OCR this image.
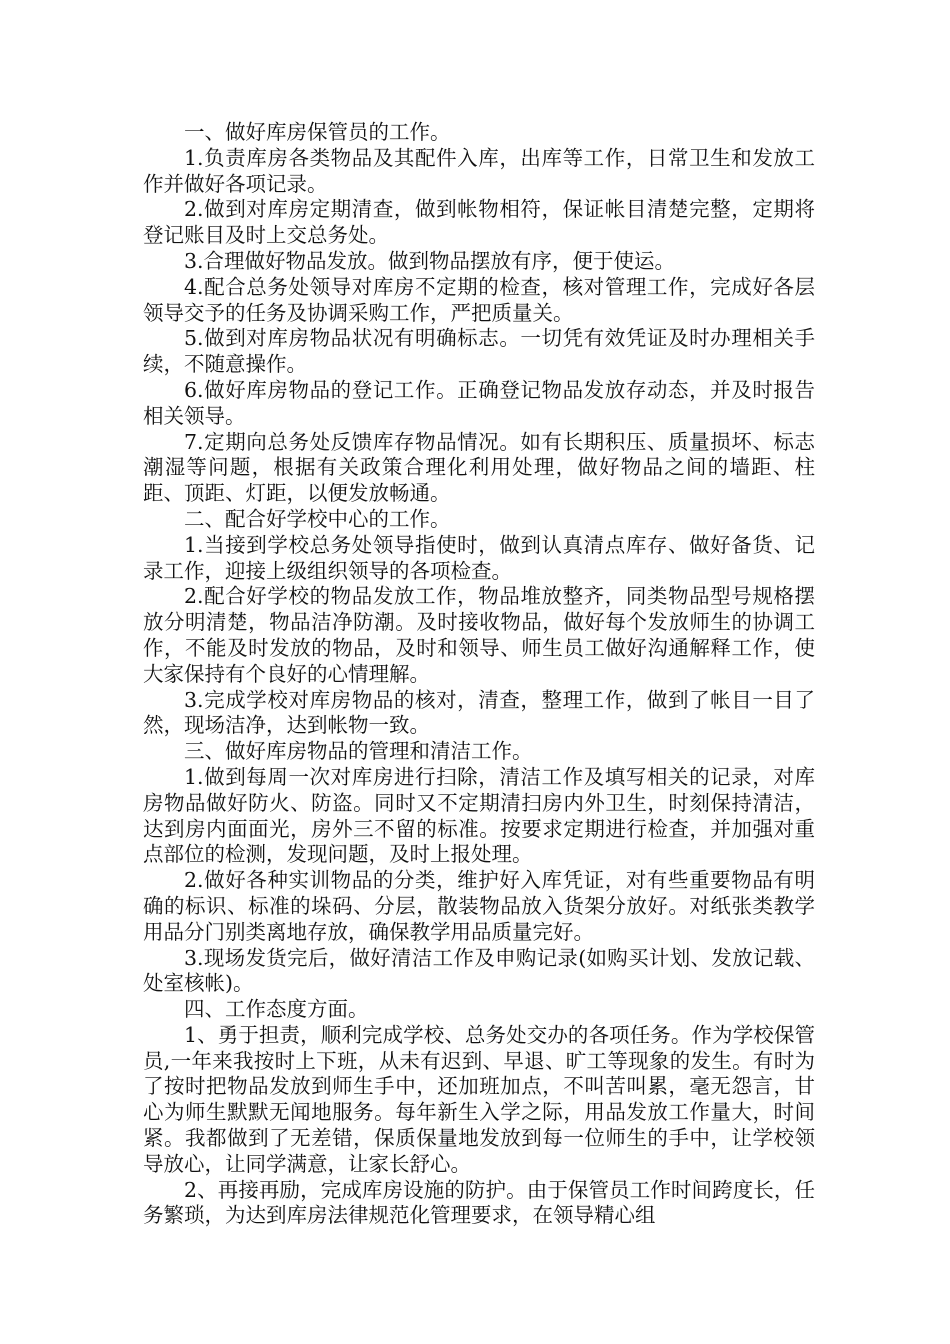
一、做好库房保管员的工作。

1.负责库房各类物品及其配件入库，出库等工作，日常卫生和发放工作并做好各项记录。

2.做到对库房定期清查，做到帐物相符，保证帐目清楚完整，定期将登记账目及时上交总务处。

3.合理做好物品发放。做到物品摆放有序，便于使运。

4.配合总务处领导对库房不定期的检查，核对管理工作，完成好各层领导交予的任务及协调采购工作，严把质量关。

5.做到对库房物品状况有明确标志。一切凭有效凭证及时办理相关手续，不随意操作。

6.做好库房物品的登记工作。正确登记物品发放存动态，并及时报告相关领导。

7.定期向总务处反馈库存物品情况。如有长期积压、质量损坏、标志潮湿等问题，根据有关政策合理化利用处理，做好物品之间的墙距、柱距、顶距、灯距，以便发放畅通。

二、配合好学校中心的工作。

1.当接到学校总务处领导指使时，做到认真清点库存、做好备货、记录工作，迎接上级组织领导的各项检查。

2.配合好学校的物品发放工作，物品堆放整齐，同类物品型号规格摆放分明清楚，物品洁净防潮。及时接收物品，做好每个发放师生的协调工作，不能及时发放的物品，及时和领导、师生员工做好沟通解释工作，使大家保持有个良好的心情理解。

3.完成学校对库房物品的核对，清查，整理工作，做到了帐目一目了然，现场洁净，达到帐物一致。

三、做好库房物品的管理和清洁工作。

1.做到每周一次对库房进行扫除，清洁工作及填写相关的记录，对库房物品做好防火、防盗。同时又不定期清扫房内外卫生，时刻保持清洁，达到房内面面光，房外三不留的标准。按要求定期进行检查，并加强对重点部位的检测，发现问题，及时上报处理。

2.做好各种实训物品的分类，维护好入库凭证，对有些重要物品有明确的标识、标准的垛码、分层，散装物品放入货架分放好。对纸张类教学用品分门别类离地存放，确保教学用品质量完好。

3.现场发货完后，做好清洁工作及申购记录(如购买计划、发放记载、处室核帐)。

四、工作态度方面。

1、勇于担责，顺利完成学校、总务处交办的各项任务。作为学校保管员,一年来我按时上下班，从未有迟到、早退、旷工等现象的发生。有时为了按时把物品发放到师生手中，还加班加点，不叫苦叫累，毫无怨言，甘心为师生默默无闻地服务。每年新生入学之际，用品发放工作量大，时间紧。我都做到了无差错，保质保量地发放到每一位师生的手中，让学校领导放心，让同学满意，让家长舒心。

2、再接再励，完成库房设施的防护。由于保管员工作时间跨度长，任务繁琐，为达到库房法律规范化管理要求，在领导精心组
